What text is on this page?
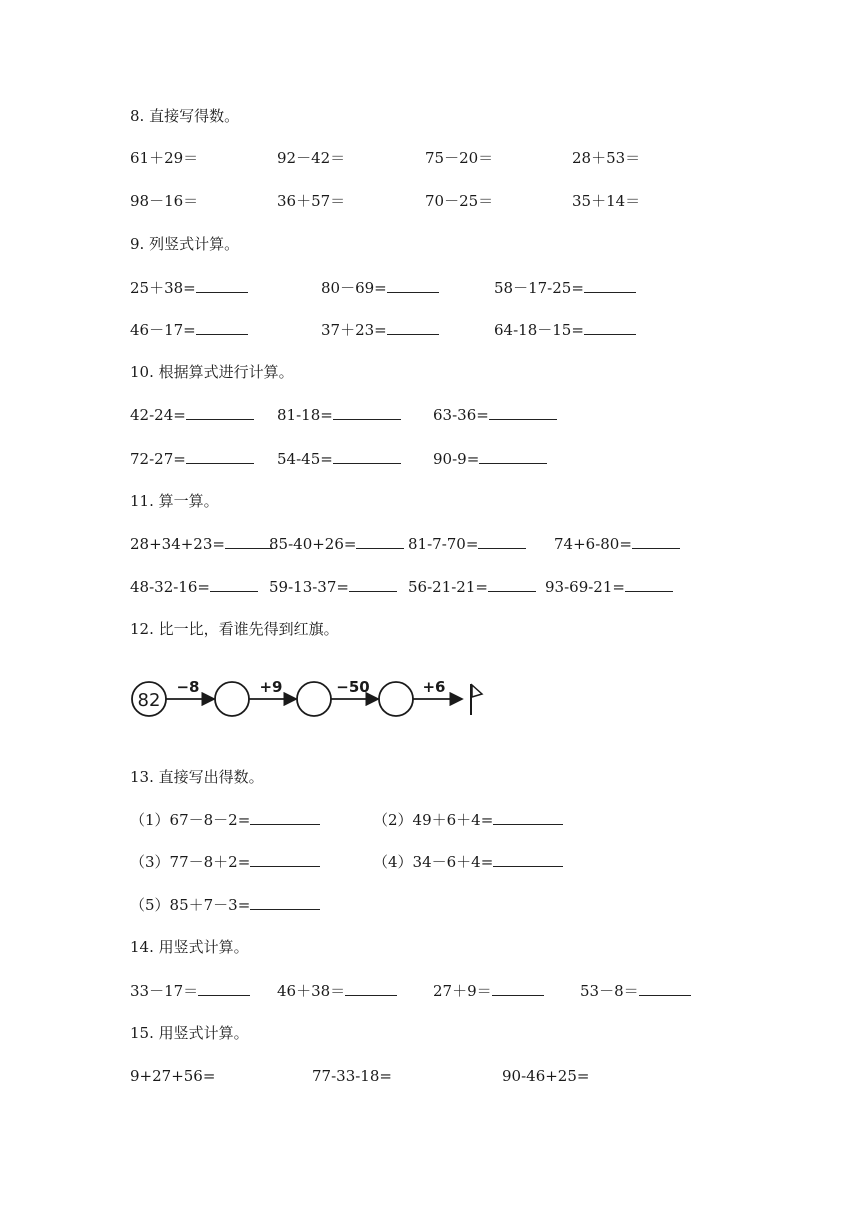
8. 直接写得数。
61＋29＝	92－42＝	75－20＝	28＋53＝
98－16＝	36＋57＝	70－25＝	35＋14＝
9. 列竖式计算。
25＋38=	80－69=	58－17-25=
46－17=	37＋23=	64-18－15=
10. 根据算式进行计算。
42-24=	81-18=	63-36=
72-27=	54-45=	90-9=
11. 算一算。
28+34+23=	85-40+26=	81-7-70=	74+6-80=
48-32-16=	59-13-37=	56-21-21=	93-69-21=
12. 比一比，看谁先得到红旗。
82
−8	+9	−50	+6
13. 直接写出得数。
（1）67－8－2=	（2）49＋6＋4=
（3）77－8＋2=	（4）34－6＋4=
（5）85＋7－3=
14. 用竖式计算。
33－17＝	46＋38＝	27＋9＝	53－8＝
15. 用竖式计算。
9+27+56=	77-33-18=	90-46+25=
